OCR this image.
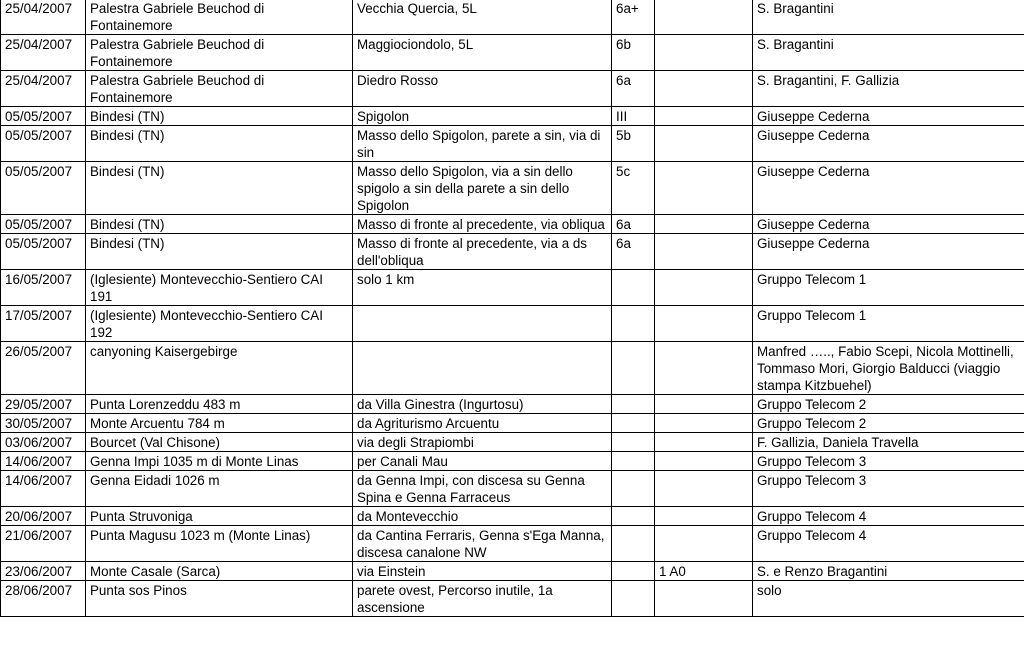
25/04/2007	Palestra Gabriele Beuchod di Fontainemore	Vecchia Quercia, 5L	6a+		S. Bragantini
25/04/2007	Palestra Gabriele Beuchod di Fontainemore	Maggiociondolo, 5L	6b		S. Bragantini
25/04/2007	Palestra Gabriele Beuchod di Fontainemore	Diedro Rosso	6a		S. Bragantini, F. Gallizia
05/05/2007	Bindesi (TN)	Spigolon	III		Giuseppe Cederna
05/05/2007	Bindesi (TN)	Masso dello Spigolon, parete a sin, via di sin	5b		Giuseppe Cederna
05/05/2007	Bindesi (TN)	Masso dello Spigolon, via a sin dello spigolo a sin della parete a sin dello Spigolon	5c		Giuseppe Cederna
05/05/2007	Bindesi (TN)	Masso di fronte al precedente, via obliqua	6a		Giuseppe Cederna
05/05/2007	Bindesi (TN)	Masso di fronte al precedente, via a ds dell'obliqua	6a		Giuseppe Cederna
16/05/2007	(Iglesiente) Montevecchio-Sentiero CAI 191	solo 1 km			Gruppo Telecom 1
17/05/2007	(Iglesiente) Montevecchio-Sentiero CAI 192				Gruppo Telecom 1
26/05/2007	canyoning Kaisergebirge				Manfred ….., Fabio Scepi, Nicola Mottinelli, Tommaso Mori, Giorgio Balducci (viaggio stampa Kitzbuehel)
29/05/2007	Punta Lorenzeddu 483 m	da Villa Ginestra (Ingurtosu)			Gruppo Telecom 2
30/05/2007	Monte Arcuentu 784 m	da Agriturismo Arcuentu			Gruppo Telecom 2
03/06/2007	Bourcet (Val Chisone)	via degli Strapiombi			F. Gallizia, Daniela Travella
14/06/2007	Genna Impi 1035 m di Monte Linas	per Canali Mau			Gruppo Telecom 3
14/06/2007	Genna Eidadi 1026 m	da Genna Impi, con discesa su Genna Spina e Genna Farraceus			Gruppo Telecom 3
20/06/2007	Punta Struvoniga	da Montevecchio			Gruppo Telecom 4
21/06/2007	Punta Magusu 1023 m (Monte Linas)	da Cantina Ferraris, Genna s'Ega Manna, discesa canalone NW			Gruppo Telecom 4
23/06/2007	Monte Casale (Sarca)	via Einstein		1 A0	S. e Renzo Bragantini
28/06/2007	Punta sos Pinos	parete ovest, Percorso inutile, 1a ascensione			solo
